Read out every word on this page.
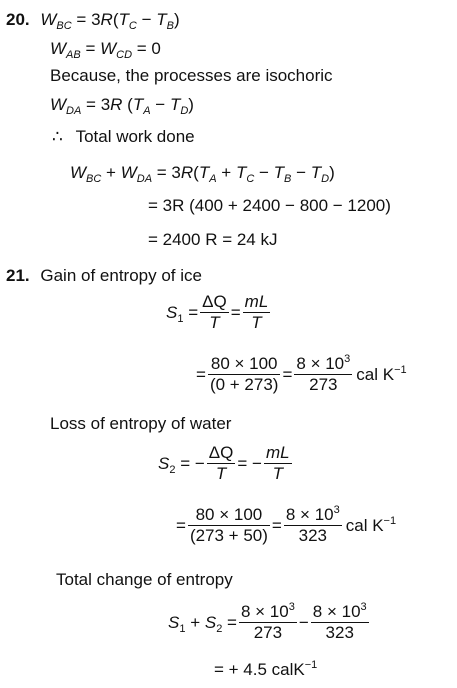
20. $W_{BC} = 3R(T_C - T_B)$
$W_{AB} = W_{CD} = 0$
Because, the processes are isochoric
$W_{DA} = 3R$ $(T_A - T_D)$
∴ Total work done
$W_{BC} + W_{DA} = 3R(T_A + T_C - T_B - T_D)$
= 3R (400 + 2400 − 800 − 1200)
= 2400 R = 24 kJ
21. Gain of entropy of ice
$S_1 = \frac{\Delta Q}{T} = \frac{mL}{T}$
= $\frac{80 \times 100}{(0 + 273)} = \frac{8 \times 10^3}{273}$ cal $K^{-1}$
Loss of entropy of water
$S_2$ = − $\frac{\Delta Q}{T}$ = − $\frac{mL}{T}$
= $\frac{80 \times 100}{(273 + 50)} = \frac{8 \times 10^3}{323}$ cal $K^{-1}$
Total change of entropy
$S_1 + S_2 = \frac{8 \times 10^3}{273} - \frac{8 \times 10^3}{323}$
= + 4.5 calK$^{-1}$
